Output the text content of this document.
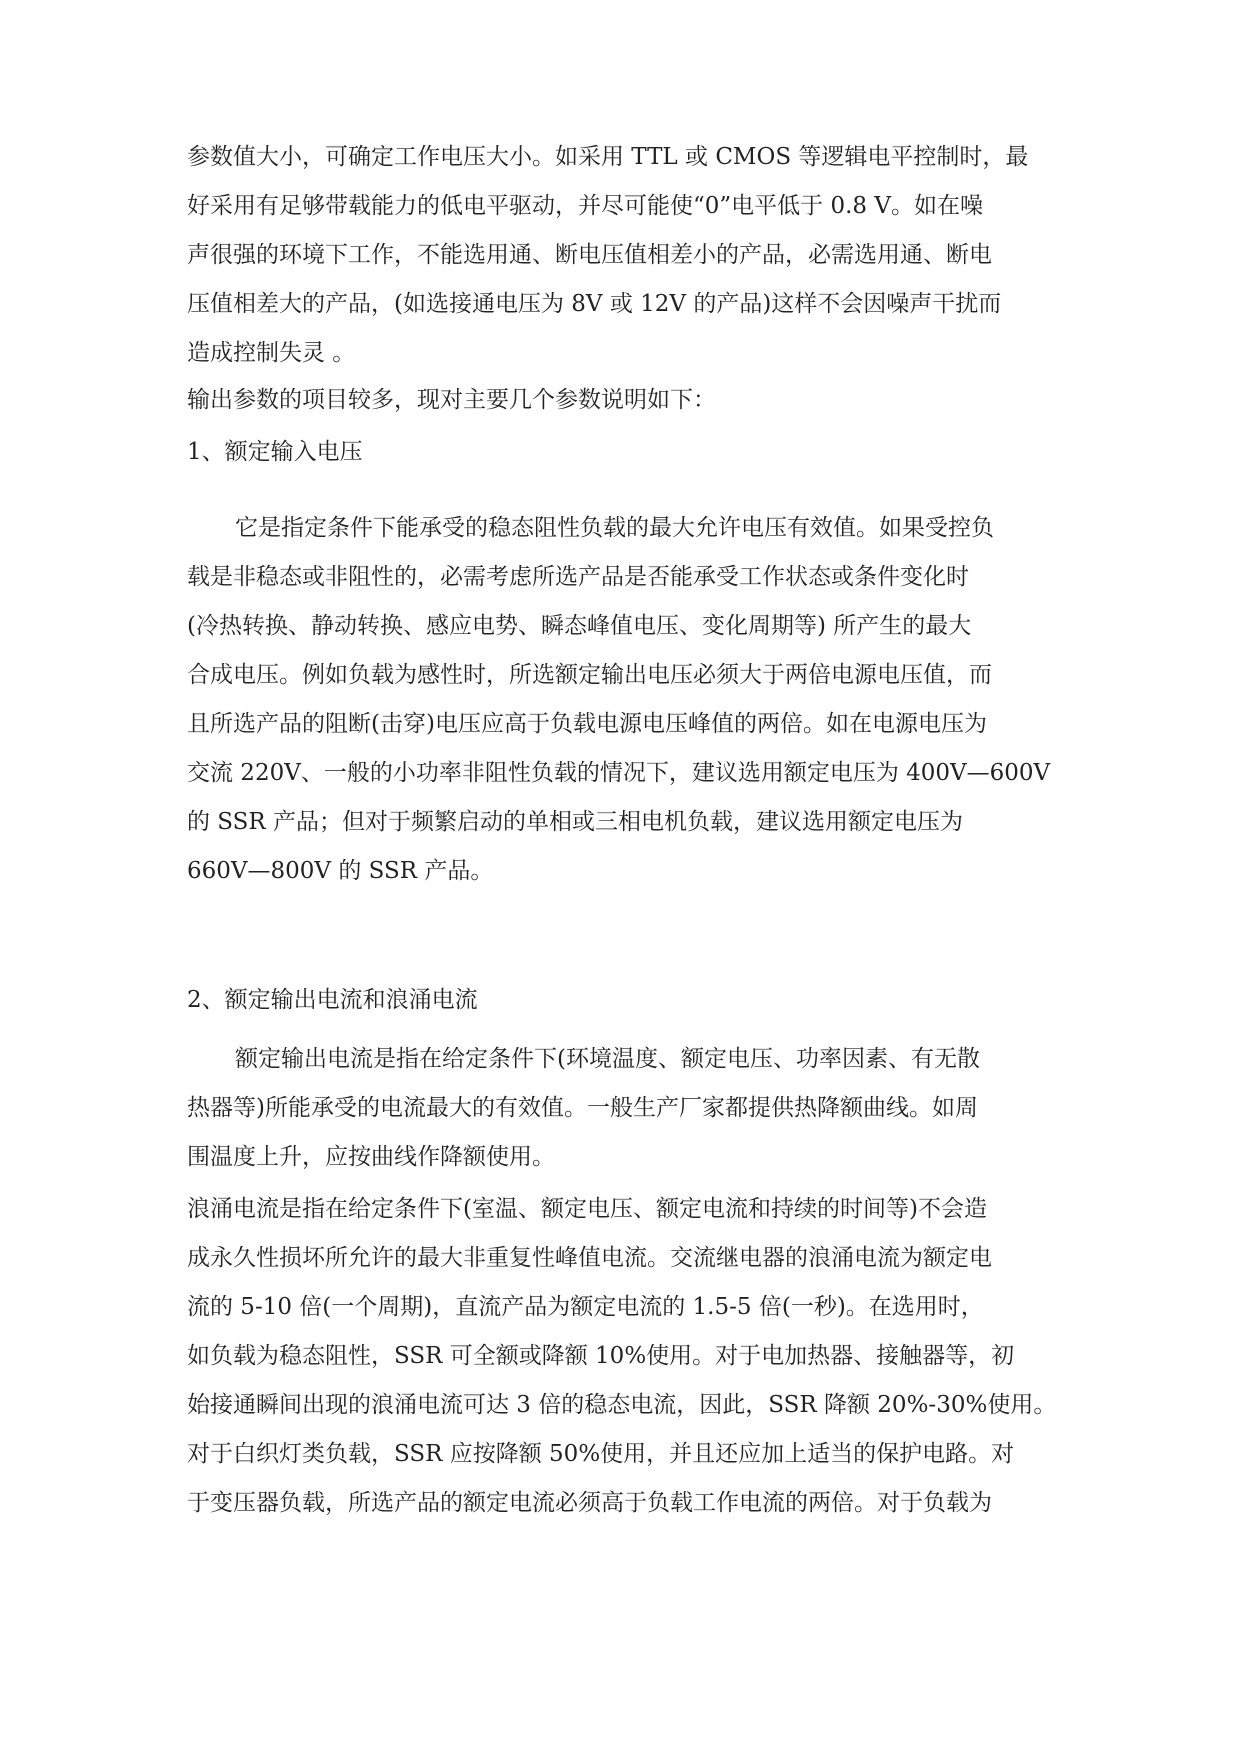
参数值大小，可确定工作电压大小。如采用 TTL 或 CMOS 等逻辑电平控制时，最
好采用有足够带载能力的低电平驱动，并尽可能使“0”电平低于 0.8 V。如在噪
声很强的环境下工作，不能选用通、断电压值相差小的产品，必需选用通、断电
压值相差大的产品，(如选接通电压为 8V 或 12V 的产品)这样不会因噪声干扰而
造成控制失灵 。
输出参数的项目较多，现对主要几个参数说明如下：
1、额定输入电压
它是指定条件下能承受的稳态阻性负载的最大允许电压有效值。如果受控负
载是非稳态或非阻性的，必需考虑所选产品是否能承受工作状态或条件变化时
(冷热转换、静动转换、感应电势、瞬态峰值电压、变化周期等) 所产生的最大
合成电压。例如负载为感性时，所选额定输出电压必须大于两倍电源电压值，而
且所选产品的阻断(击穿)电压应高于负载电源电压峰值的两倍。如在电源电压为
交流 220V、一般的小功率非阻性负载的情况下，建议选用额定电压为 400V—600V
的 SSR 产品；但对于频繁启动的单相或三相电机负载，建议选用额定电压为
660V—800V 的 SSR 产品。
2、额定输出电流和浪涌电流
额定输出电流是指在给定条件下(环境温度、额定电压、功率因素、有无散
热器等)所能承受的电流最大的有效值。一般生产厂家都提供热降额曲线。如周
围温度上升，应按曲线作降额使用。
浪涌电流是指在给定条件下(室温、额定电压、额定电流和持续的时间等)不会造
成永久性损坏所允许的最大非重复性峰值电流。交流继电器的浪涌电流为额定电
流的 5-10 倍(一个周期)，直流产品为额定电流的 1.5-5 倍(一秒)。在选用时，
如负载为稳态阻性，SSR 可全额或降额 10%使用。对于电加热器、接触器等，初
始接通瞬间出现的浪涌电流可达 3 倍的稳态电流，因此，SSR 降额 20%-30%使用。
对于白织灯类负载，SSR 应按降额 50%使用，并且还应加上适当的保护电路。对
于变压器负载，所选产品的额定电流必须高于负载工作电流的两倍。对于负载为
